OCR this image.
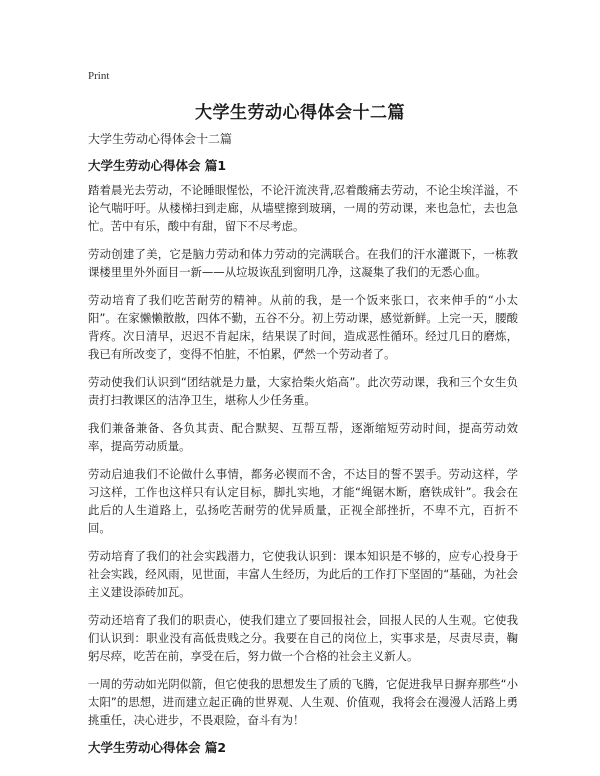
Print
大学生劳动心得体会十二篇

大学生劳动心得体会十二篇

大学生劳动心得体会 篇1

踏着晨光去劳动，不论睡眼惺忪，不论汗流浃背,忍着酸痛去劳动，不论尘埃洋溢，不论气喘吁吁。从楼梯扫到走廊，从墙壁擦到玻璃，一周的劳动课，来也急忙，去也急忙。苦中有乐，酸中有甜，留下不尽考虑。

劳动创建了美，它是脑力劳动和体力劳动的完满联合。在我们的汗水灌溉下，一栋教课楼里里外外面目一新——从垃圾诙乱到窗明几净，这凝集了我们的无悉心血。

劳动培育了我们吃苦耐劳的精神。从前的我，是一个饭来张口，衣来伸手的“小太阳”。在家懒懒散散，四体不勤，五谷不分。初上劳动课，感觉新鲜。上完一天，腰酸背疼。次日清早，迟迟不肯起床，结果误了时间，造成恶性循环。经过几日的磨炼，我已有所改变了，变得不怕脏，不怕累，俨然一个劳动者了。

劳动使我们认识到“团结就是力量，大家拾柴火焰高”。此次劳动课，我和三个女生负责打扫教课区的洁净卫生，堪称人少任务重。

我们兼备兼备、各负其责、配合默契、互帮互帮，逐渐缩短劳动时间，提高劳动效率，提高劳动质量。

劳动启迪我们不论做什么事情，都务必锲而不舍，不达目的誓不罢手。劳动这样，学习这样，工作也这样只有认定目标，脚扎实地，才能“绳锯木断，磨铁成针”。我会在此后的人生道路上，弘扬吃苦耐劳的优异质量，正视全部挫折，不卑不亢，百折不回。

劳动培育了我们的社会实践潜力，它使我认识到：课本知识是不够的，应专心投身于社会实践，经风雨，见世面，丰富人生经历，为此后的工作打下坚固的“基础，为社会主义建设添砖加瓦。

劳动还培育了我们的职责心，使我们建立了要回报社会，回报人民的人生观。它使我们认识到：职业没有高低贵贱之分。我要在自己的岗位上，实事求是，尽责尽责，鞠躬尽瘁，吃苦在前，享受在后，努力做一个合格的社会主义新人。

一周的劳动如光阴似箭，但它使我的思想发生了质的飞腾，它促进我早日摒弃那些“小太阳”的思想，进而建立起正确的世界观、人生观、价值观，我将会在漫漫人活路上勇挑重任，决心进步，不畏艰险，奋斗有为！

大学生劳动心得体会 篇2
